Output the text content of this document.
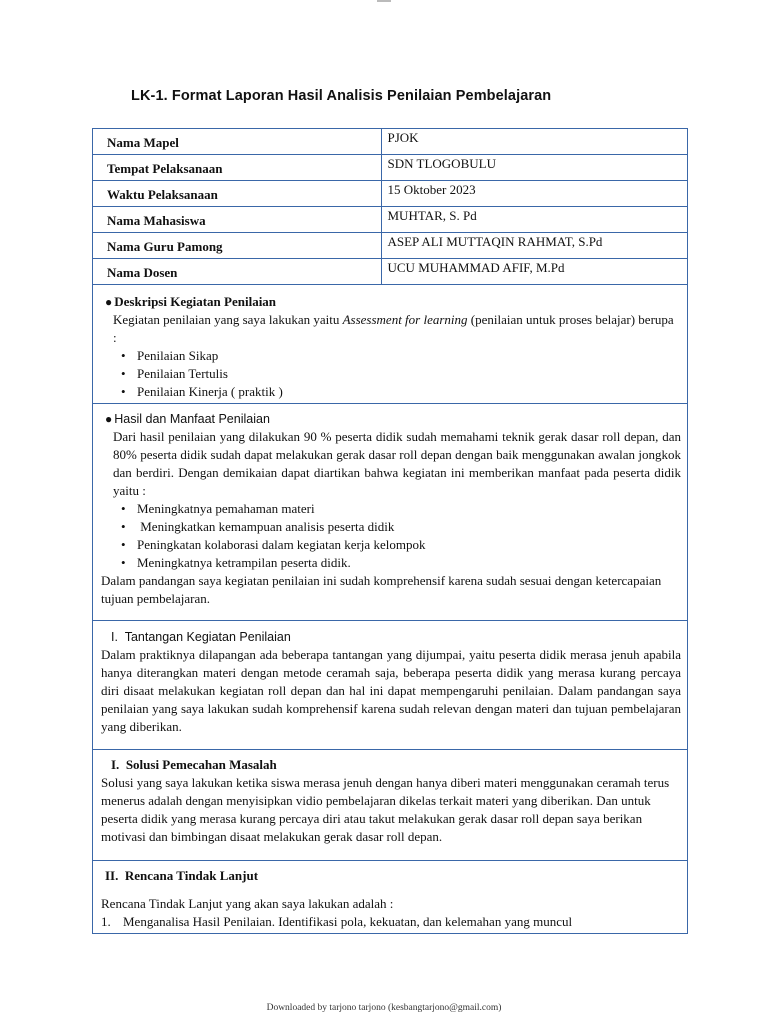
LK-1. Format Laporan Hasil Analisis Penilaian Pembelajaran
Nama Mapel	PJOK
Tempat Pelaksanaan	SDN TLOGOBULU
Waktu Pelaksanaan	15 Oktober 2023
Nama Mahasiswa	MUHTAR, S. Pd
Nama Guru Pamong	ASEP ALI MUTTAQIN RAHMAT, S.Pd
Nama Dosen	UCU MUHAMMAD AFIF, M.Pd
● Deskripsi Kegiatan Penilaian
Kegiatan penilaian yang saya lakukan yaitu Assessment for learning (penilaian untuk proses belajar) berupa :
• Penilaian Sikap
• Penilaian Tertulis
• Penilaian Kinerja ( praktik )
● Hasil dan Manfaat Penilaian
Dari hasil penilaian yang dilakukan 90 % peserta didik sudah memahami teknik gerak dasar roll depan, dan 80% peserta didik sudah dapat melakukan gerak dasar roll depan dengan baik menggunakan awalan jongkok dan berdiri. Dengan demikaian dapat diartikan bahwa kegiatan ini memberikan manfaat pada peserta didik yaitu :
• Meningkatnya pemahaman materi
•  Meningkatkan kemampuan analisis peserta didik
• Peningkatan kolaborasi dalam kegiatan kerja kelompok
• Meningkatnya ketrampilan peserta didik.
Dalam pandangan saya kegiatan penilaian ini sudah komprehensif karena sudah sesuai dengan ketercapaian tujuan pembelajaran.
I. Tantangan Kegiatan Penilaian
Dalam praktiknya dilapangan ada beberapa tantangan yang dijumpai, yaitu peserta didik merasa jenuh apabila hanya diterangkan materi dengan metode ceramah saja, beberapa peserta didik yang merasa kurang percaya diri disaat melakukan kegiatan roll depan dan hal ini dapat mempengaruhi penilaian. Dalam pandangan saya penilaian yang saya lakukan sudah komprehensif karena sudah relevan dengan materi dan tujuan pembelajaran yang diberikan.
I. Solusi Pemecahan Masalah
Solusi yang saya lakukan ketika siswa merasa jenuh dengan hanya diberi materi menggunakan ceramah terus menerus adalah dengan menyisipkan vidio pembelajaran dikelas terkait materi yang diberikan. Dan untuk peserta didik yang merasa kurang percaya diri atau takut melakukan gerak dasar roll depan saya berikan motivasi dan bimbingan disaat melakukan gerak dasar roll depan.
II. Rencana Tindak Lanjut
Rencana Tindak Lanjut yang akan saya lakukan adalah :
1. Menganalisa Hasil Penilaian. Identifikasi pola, kekuatan, dan kelemahan yang muncul
Downloaded by tarjono tarjono (kesbangtarjono@gmail.com)
